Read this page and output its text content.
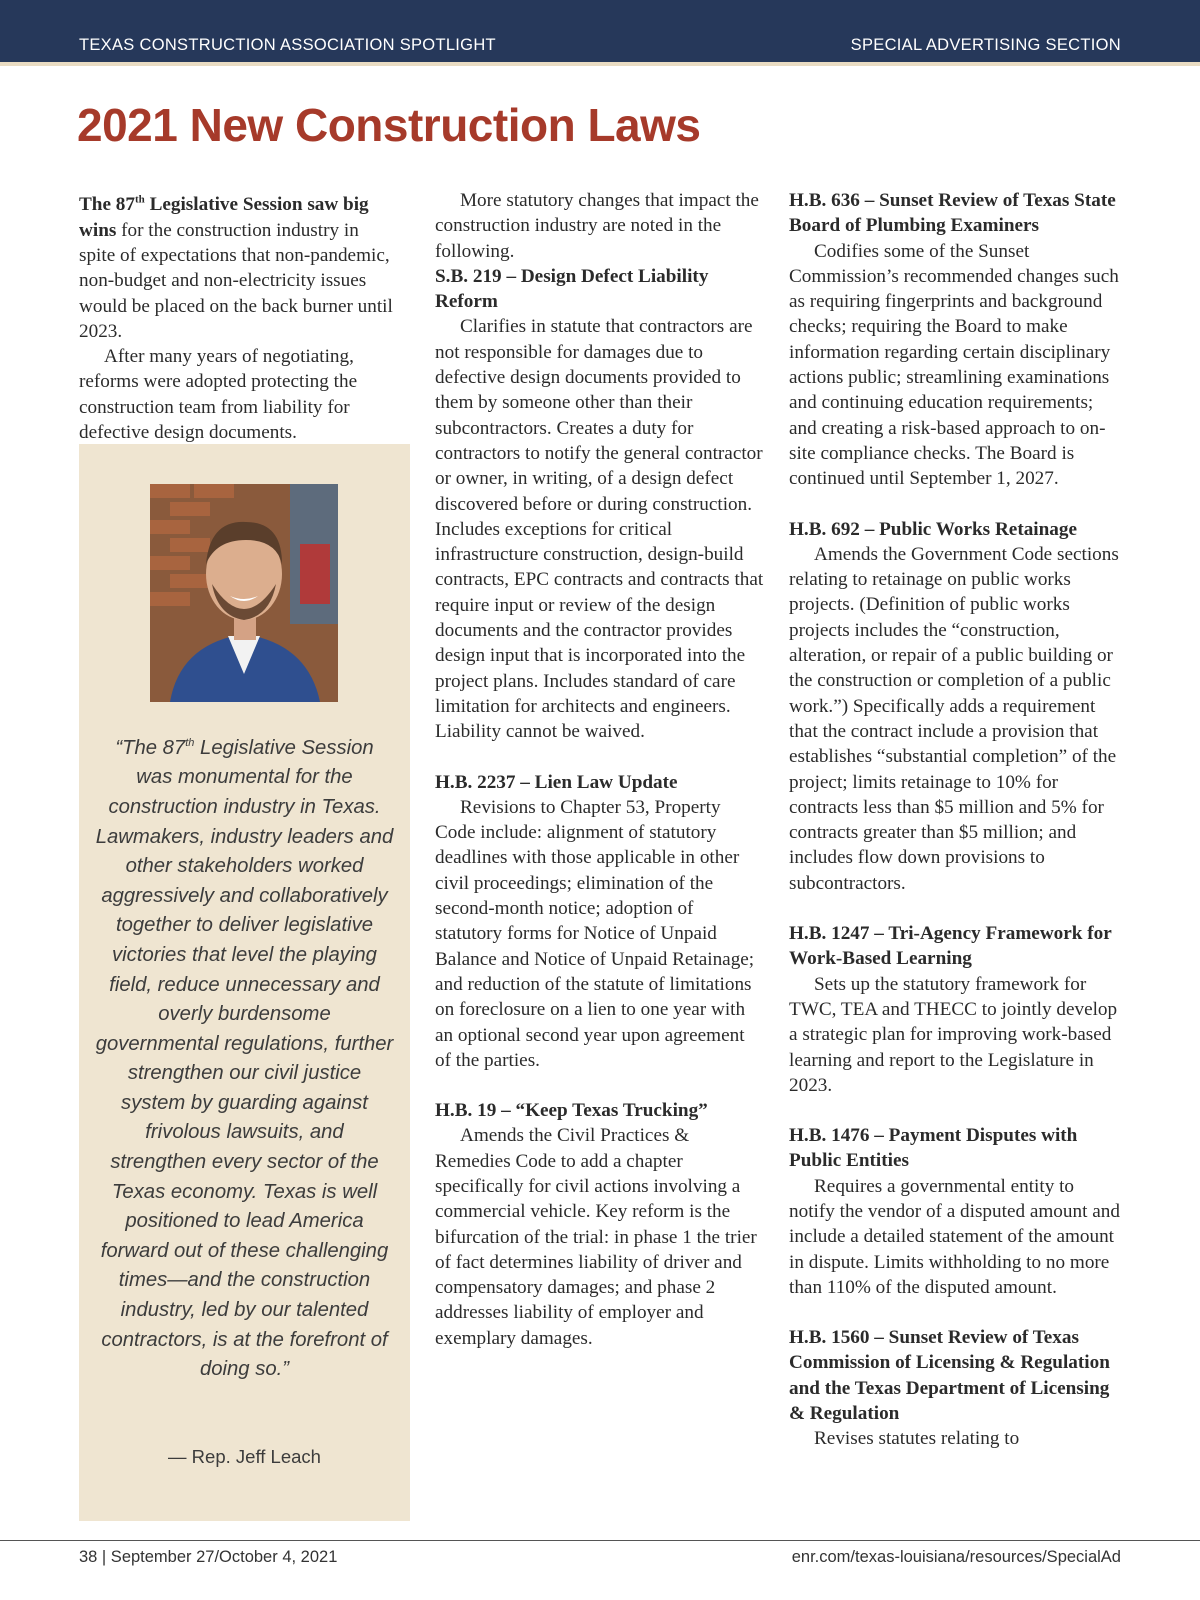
TEXAS CONSTRUCTION ASSOCIATION SPOTLIGHT	SPECIAL ADVERTISING SECTION
2021 New Construction Laws

The 87th Legislative Session saw big wins for the construction industry in spite of expectations that non-pandemic, non-budget and non-electricity issues would be placed on the back burner until 2023.

After many years of negotiating, reforms were adopted protecting the construction team from liability for defective design documents.

“The 87th Legislative Session was monumental for the construction industry in Texas. Lawmakers, industry leaders and other stakeholders worked aggressively and collaboratively together to deliver legislative victories that level the playing field, reduce unnecessary and overly burdensome governmental regulations, further strengthen our civil justice system by guarding against frivolous lawsuits, and strengthen every sector of the Texas economy. Texas is well positioned to lead America forward out of these challenging times—and the construction industry, led by our talented contractors, is at the forefront of doing so.”

— Rep. Jeff Leach

More statutory changes that impact the construction industry are noted in the following.

S.B. 219 – Design Defect Liability Reform

Clarifies in statute that contractors are not responsible for damages due to defective design documents provided to them by someone other than their subcontractors. Creates a duty for contractors to notify the general contractor or owner, in writing, of a design defect discovered before or during construction. Includes exceptions for critical infrastructure construction, design-build contracts, EPC contracts and contracts that require input or review of the design documents and the contractor provides design input that is incorporated into the project plans. Includes standard of care limitation for architects and engineers. Liability cannot be waived.

H.B. 2237 – Lien Law Update

Revisions to Chapter 53, Property Code include: alignment of statutory deadlines with those applicable in other civil proceedings; elimination of the second-month notice; adoption of statutory forms for Notice of Unpaid Balance and Notice of Unpaid Retainage; and reduction of the statute of limitations on foreclosure on a lien to one year with an optional second year upon agreement of the parties.

H.B. 19 – “Keep Texas Trucking”

Amends the Civil Practices & Remedies Code to add a chapter specifically for civil actions involving a commercial vehicle. Key reform is the bifurcation of the trial: in phase 1 the trier of fact determines liability of driver and compensatory damages; and phase 2 addresses liability of employer and exemplary damages.

H.B. 636 – Sunset Review of Texas State Board of Plumbing Examiners

Codifies some of the Sunset Commission’s recommended changes such as requiring fingerprints and background checks; requiring the Board to make information regarding certain disciplinary actions public; streamlining examinations and continuing education requirements; and creating a risk-based approach to on-site compliance checks. The Board is continued until September 1, 2027.

H.B. 692 – Public Works Retainage

Amends the Government Code sections relating to retainage on public works projects. (Definition of public works projects includes the “construction, alteration, or repair of a public building or the construction or completion of a public work.”) Specifically adds a requirement that the contract include a provision that establishes “substantial completion” of the project; limits retainage to 10% for contracts less than $5 million and 5% for contracts greater than $5 million; and includes flow down provisions to subcontractors.

H.B. 1247 – Tri-Agency Framework for Work-Based Learning

Sets up the statutory framework for TWC, TEA and THECC to jointly develop a strategic plan for improving work-based learning and report to the Legislature in 2023.

H.B. 1476 – Payment Disputes with Public Entities

Requires a governmental entity to notify the vendor of a disputed amount and include a detailed statement of the amount in dispute. Limits withholding to no more than 110% of the disputed amount.

H.B. 1560 – Sunset Review of Texas Commission of Licensing & Regulation and the Texas Department of Licensing & Regulation

Revises statutes relating to

38 | September 27/October 4, 2021	enr.com/texas-louisiana/resources/SpecialAd
